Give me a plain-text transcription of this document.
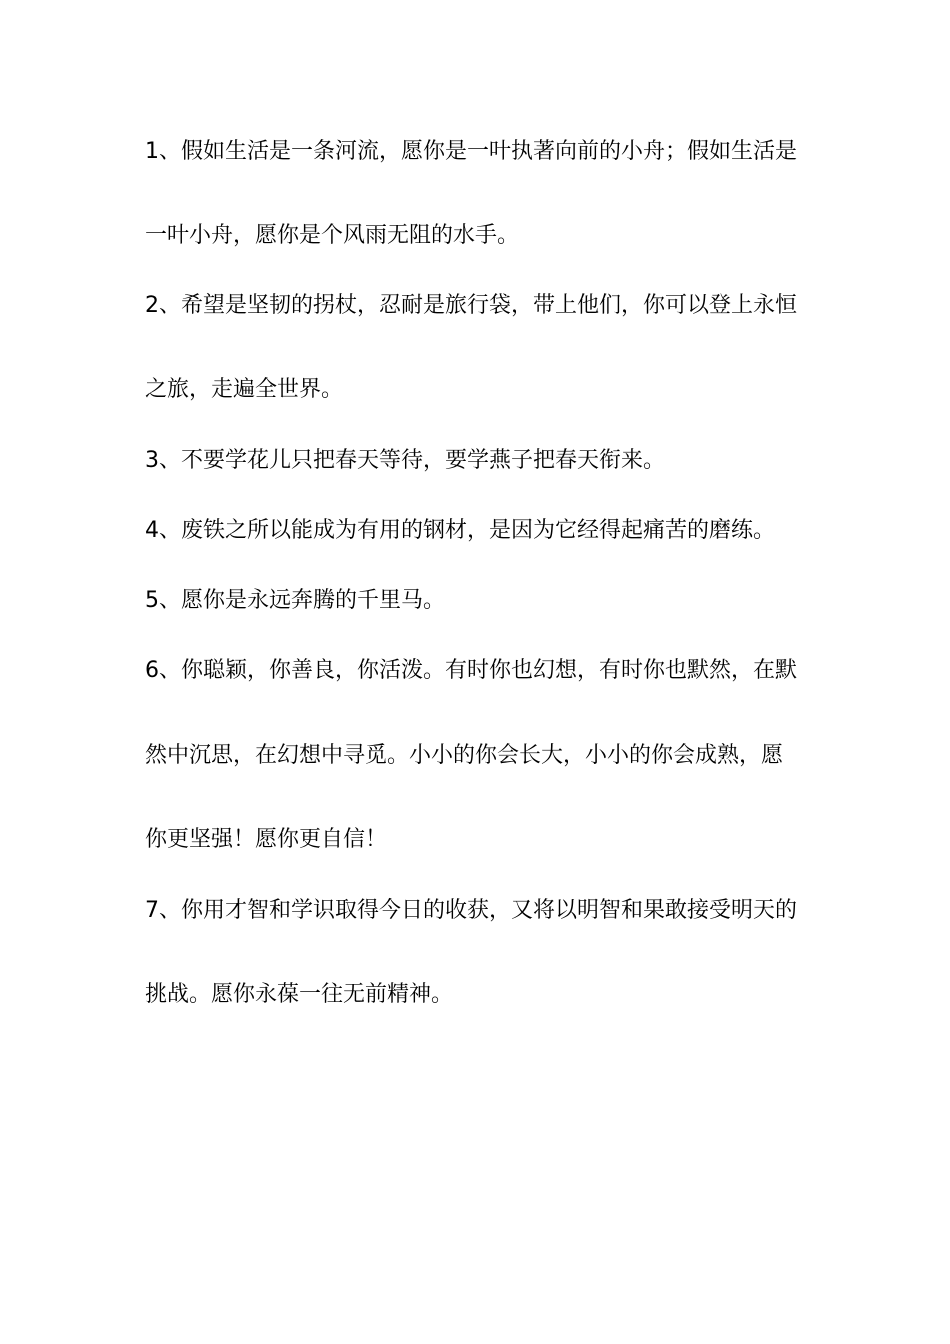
1、假如生活是一条河流，愿你是一叶执著向前的小舟；假如生活是
一叶小舟，愿你是个风雨无阻的水手。
2、希望是坚韧的拐杖，忍耐是旅行袋，带上他们，你可以登上永恒
之旅，走遍全世界。
3、不要学花儿只把春天等待，要学燕子把春天衔来。
4、废铁之所以能成为有用的钢材，是因为它经得起痛苦的磨练。
5、愿你是永远奔腾的千里马。
6、你聪颖，你善良，你活泼。有时你也幻想，有时你也默然，在默
然中沉思，在幻想中寻觅。小小的你会长大，小小的你会成熟，愿
你更坚强！愿你更自信！
7、你用才智和学识取得今日的收获，又将以明智和果敢接受明天的
挑战。愿你永葆一往无前精神。
